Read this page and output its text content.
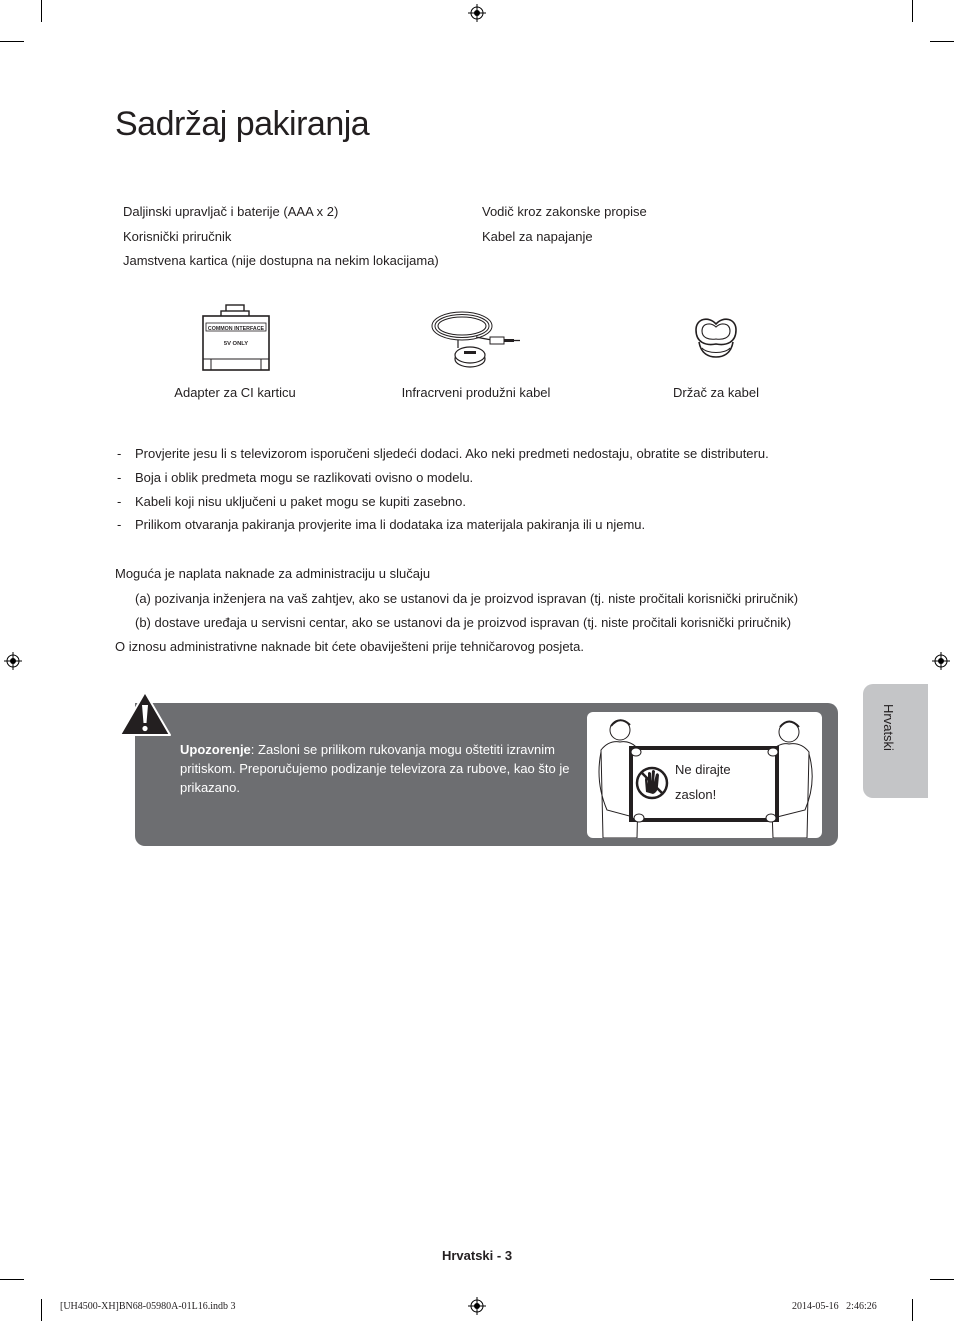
Sadržaj pakiranja
Daljinski upravljač i baterije (AAA x 2)
Korisnički priručnik
Jamstvena kartica (nije dostupna na nekim lokacijama)
Vodič kroz zakonske propise
Kabel za napajanje
COMMON INTERFACE
5V ONLY
Adapter za CI karticu	Infracrveni produžni kabel	Držač za kabel
- Provjerite jesu li s televizorom isporučeni sljedeći dodaci. Ako neki predmeti nedostaju, obratite se distributeru.
- Boja i oblik predmeta mogu se razlikovati ovisno o modelu.
- Kabeli koji nisu uključeni u paket mogu se kupiti zasebno.
- Prilikom otvaranja pakiranja provjerite ima li dodataka iza materijala pakiranja ili u njemu.
Moguća je naplata naknade za administraciju u slučaju
(a) pozivanja inženjera na vaš zahtjev, ako se ustanovi da je proizvod ispravan (tj. niste pročitali korisnički priručnik)
(b) dostave uređaja u servisni centar, ako se ustanovi da je proizvod ispravan (tj. niste pročitali korisnički priručnik)
O iznosu administrativne naknade bit ćete obaviješteni prije tehničarovog posjeta.
Upozorenje: Zasloni se prilikom rukovanja mogu oštetiti izravnim pritiskom. Preporučujemo podizanje televizora za rubove, kao što je prikazano.
Ne dirajte
zaslon!
Hrvatski
Hrvatski - 3
[UH4500-XH]BN68-05980A-01L16.indb 3	2014-05-16   2:46:26
